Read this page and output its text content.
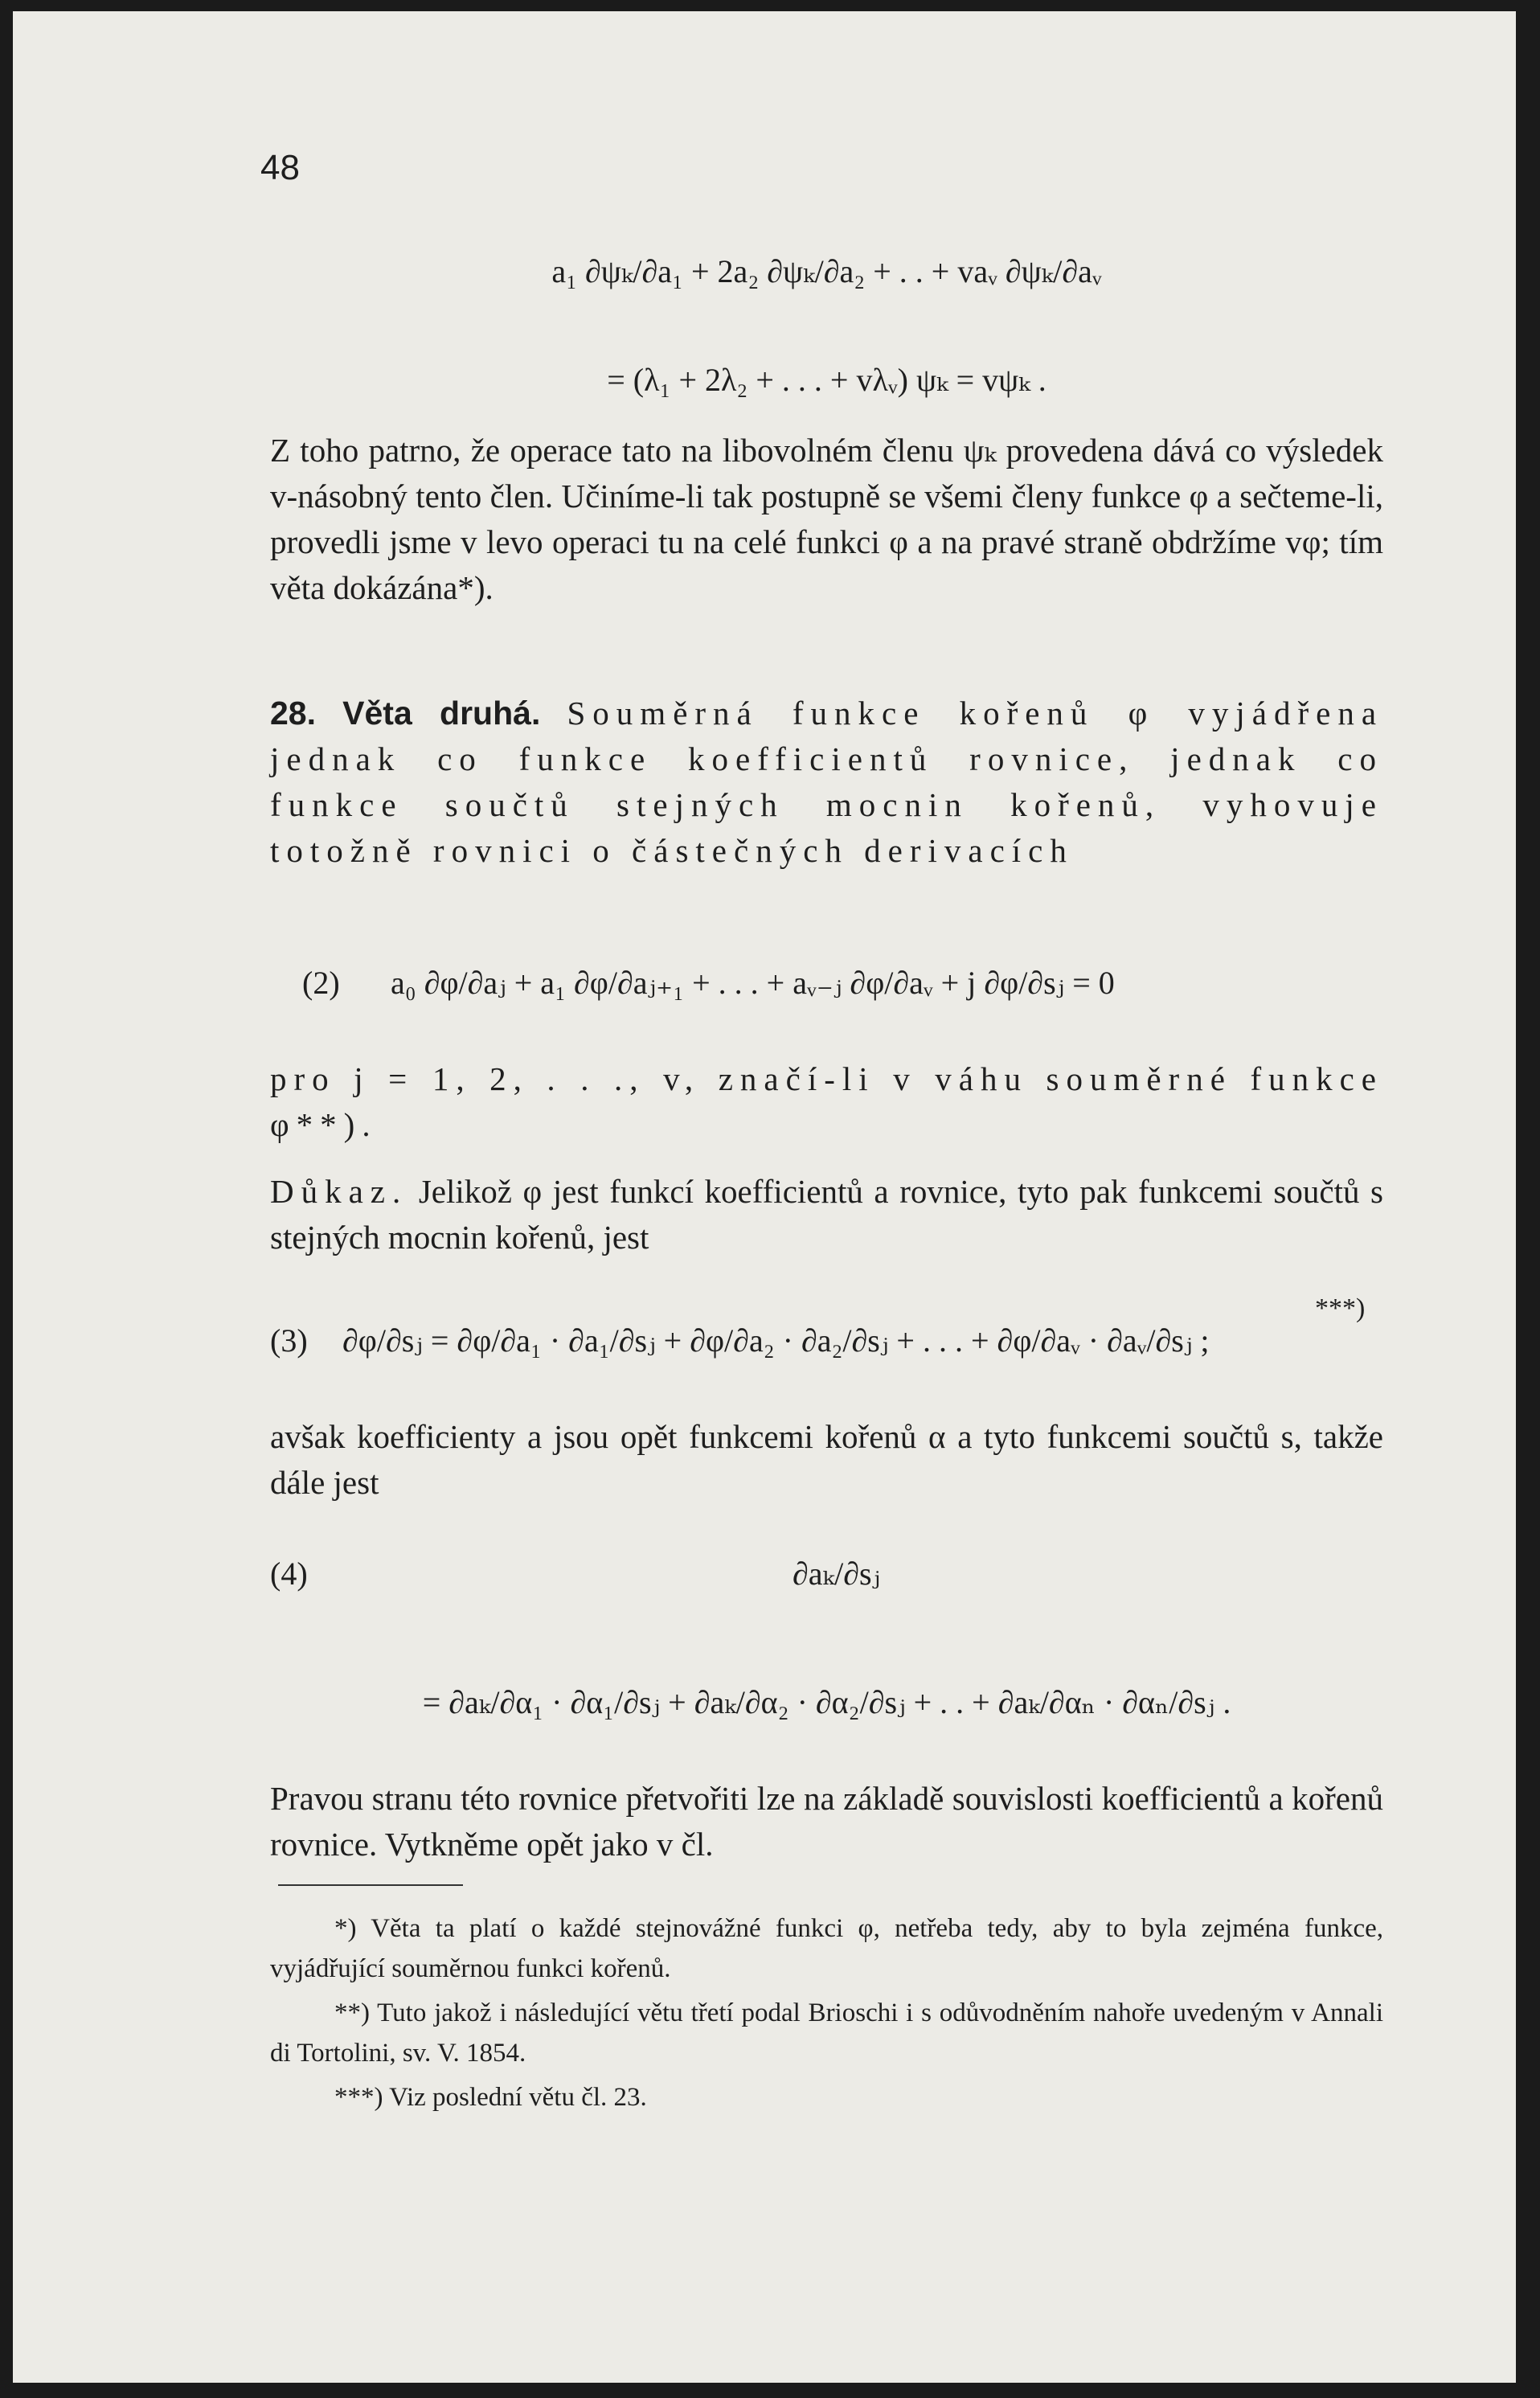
48
a₁ ∂ψₖ/∂a₁ + 2a₂ ∂ψₖ/∂a₂ + . . + vaᵥ ∂ψₖ/∂aᵥ
= (λ₁ + 2λ₂ + . . . + vλᵥ) ψₖ = vψₖ .
Z toho patrno, že operace tato na libovolném členu ψₖ provedena dává co výsledek v-násobný tento člen. Učiníme-li tak postupně se všemi členy funkce φ a sečteme-li, provedli jsme v levo operaci tu na celé funkci φ a na pravé straně obdržíme vφ; tím věta dokázána*).
28. Věta druhá. Souměrná funkce kořenů φ vyjádřena jednak co funkce koefficientů rovnice, jednak co funkce součtů stejných mocnin kořenů, vyhovuje totožně rovnici o částečných derivacích
(2) a₀ ∂φ/∂aⱼ + a₁ ∂φ/∂aⱼ₊₁ + . . . + aᵥ₋ⱼ ∂φ/∂aᵥ + j ∂φ/∂sⱼ = 0
pro j = 1, 2, . . ., v, značí-li v váhu souměrné funkce φ**).
Důkaz. Jelikož φ jest funkcí koefficientů a rovnice, tyto pak funkcemi součtů s stejných mocnin kořenů, jest
(3) ∂φ/∂sⱼ = ∂φ/∂a₁ · ∂a₁/∂sⱼ + ∂φ/∂a₂ · ∂a₂/∂sⱼ + . . . + ∂φ/∂aᵥ · ∂aᵥ/∂sⱼ ;
***)
avšak koefficienty a jsou opět funkcemi kořenů α a tyto funkcemi součtů s, takže dále jest
(4)	∂aₖ/∂sⱼ
= ∂aₖ/∂α₁ · ∂α₁/∂sⱼ + ∂aₖ/∂α₂ · ∂α₂/∂sⱼ + . . + ∂aₖ/∂αₙ · ∂αₙ/∂sⱼ .
Pravou stranu této rovnice přetvořiti lze na základě souvislosti koefficientů a kořenů rovnice. Vytkněme opět jako v čl.
*) Věta ta platí o každé stejnovážné funkci φ, netřeba tedy, aby to byla zejména funkce, vyjádřující souměrnou funkci kořenů.
**) Tuto jakož i následující větu třetí podal Brioschi i s odůvodněním nahoře uvedeným v Annali di Tortolini, sv. V. 1854.
***) Viz poslední větu čl. 23.
